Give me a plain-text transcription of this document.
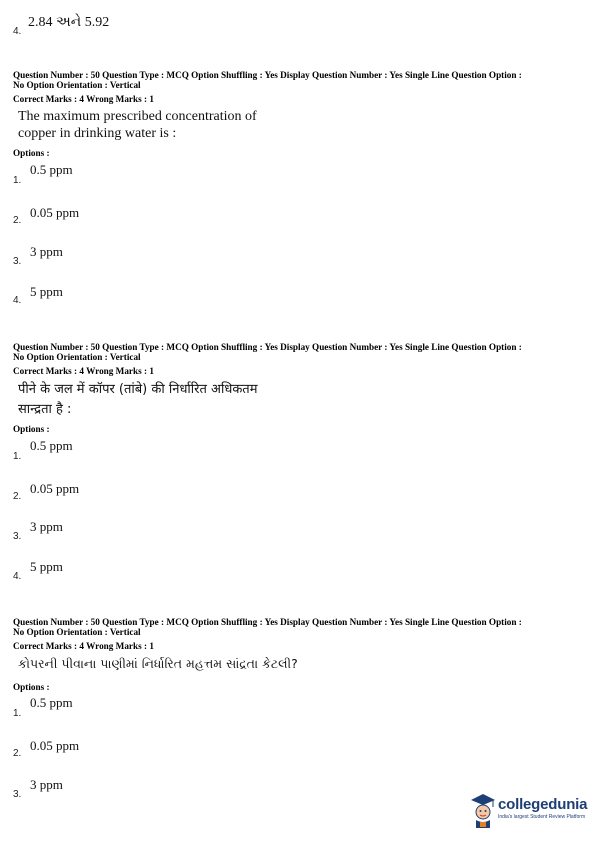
4.
2.84 અને 5.92
Question Number : 50 Question Type : MCQ Option Shuffling : Yes Display Question Number : Yes Single Line Question Option :
No Option Orientation : Vertical
Correct Marks : 4 Wrong Marks : 1
The maximum prescribed concentration of
copper in drinking water is :
Options :
0.5 ppm
1.
0.05 ppm
2.
3 ppm
3.
5 ppm
4.
Question Number : 50 Question Type : MCQ Option Shuffling : Yes Display Question Number : Yes Single Line Question Option :
No Option Orientation : Vertical
Correct Marks : 4 Wrong Marks : 1
पीने के जल में कॉपर (तांबे) की निर्धारित अधिकतम
सान्द्रता है :
Options :
0.5 ppm
1.
0.05 ppm
2.
3 ppm
3.
5 ppm
4.
Question Number : 50 Question Type : MCQ Option Shuffling : Yes Display Question Number : Yes Single Line Question Option :
No Option Orientation : Vertical
Correct Marks : 4 Wrong Marks : 1
કોપરની પીવાના પાણીમાં નિર્ધારિત મહત્તમ સાંદ્રતા કેટલી?
Options :
0.5 ppm
1.
0.05 ppm
2.
3 ppm
3.
collegedunia
India's largest Student Review Platform
